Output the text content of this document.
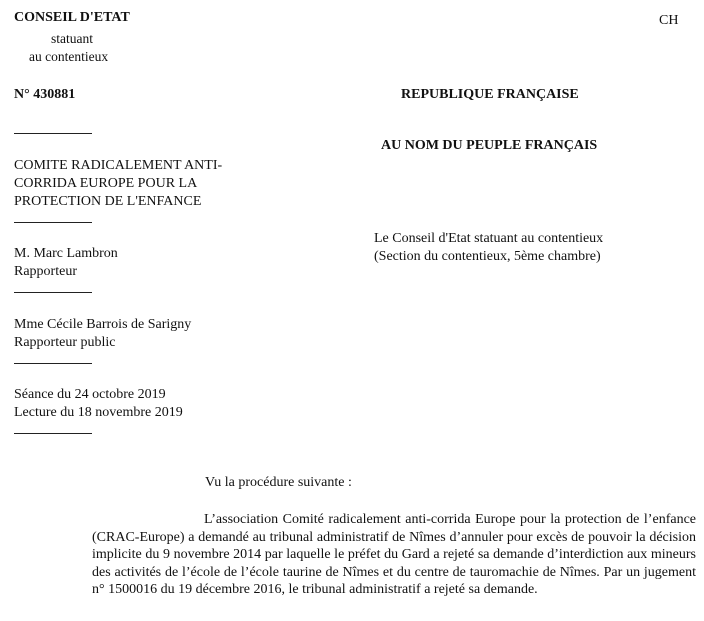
CONSEIL D'ETAT
statuant
au contentieux
CH
N° 430881	REPUBLIQUE FRANÇAISE
AU NOM DU PEUPLE FRANÇAIS
COMITE RADICALEMENT ANTI-
CORRIDA EUROPE POUR LA
PROTECTION DE L'ENFANCE
M. Marc Lambron
Rapporteur
Mme Cécile Barrois de Sarigny
Rapporteur public
Séance du 24 octobre 2019
Lecture du 18 novembre 2019
Le Conseil d'Etat statuant au contentieux
(Section du contentieux, 5ème chambre)
Vu la procédure suivante :
L’association Comité radicalement anti-corrida Europe pour la protection de l’enfance (CRAC-Europe) a demandé au tribunal administratif de Nîmes d’annuler pour excès de pouvoir la décision implicite du 9 novembre 2014 par laquelle le préfet du Gard a rejeté sa demande d’interdiction aux mineurs des activités de l’école de l’école taurine de Nîmes et du centre de tauromachie de Nîmes. Par un jugement n° 1500016 du 19 décembre 2016, le tribunal administratif a rejeté sa demande.
